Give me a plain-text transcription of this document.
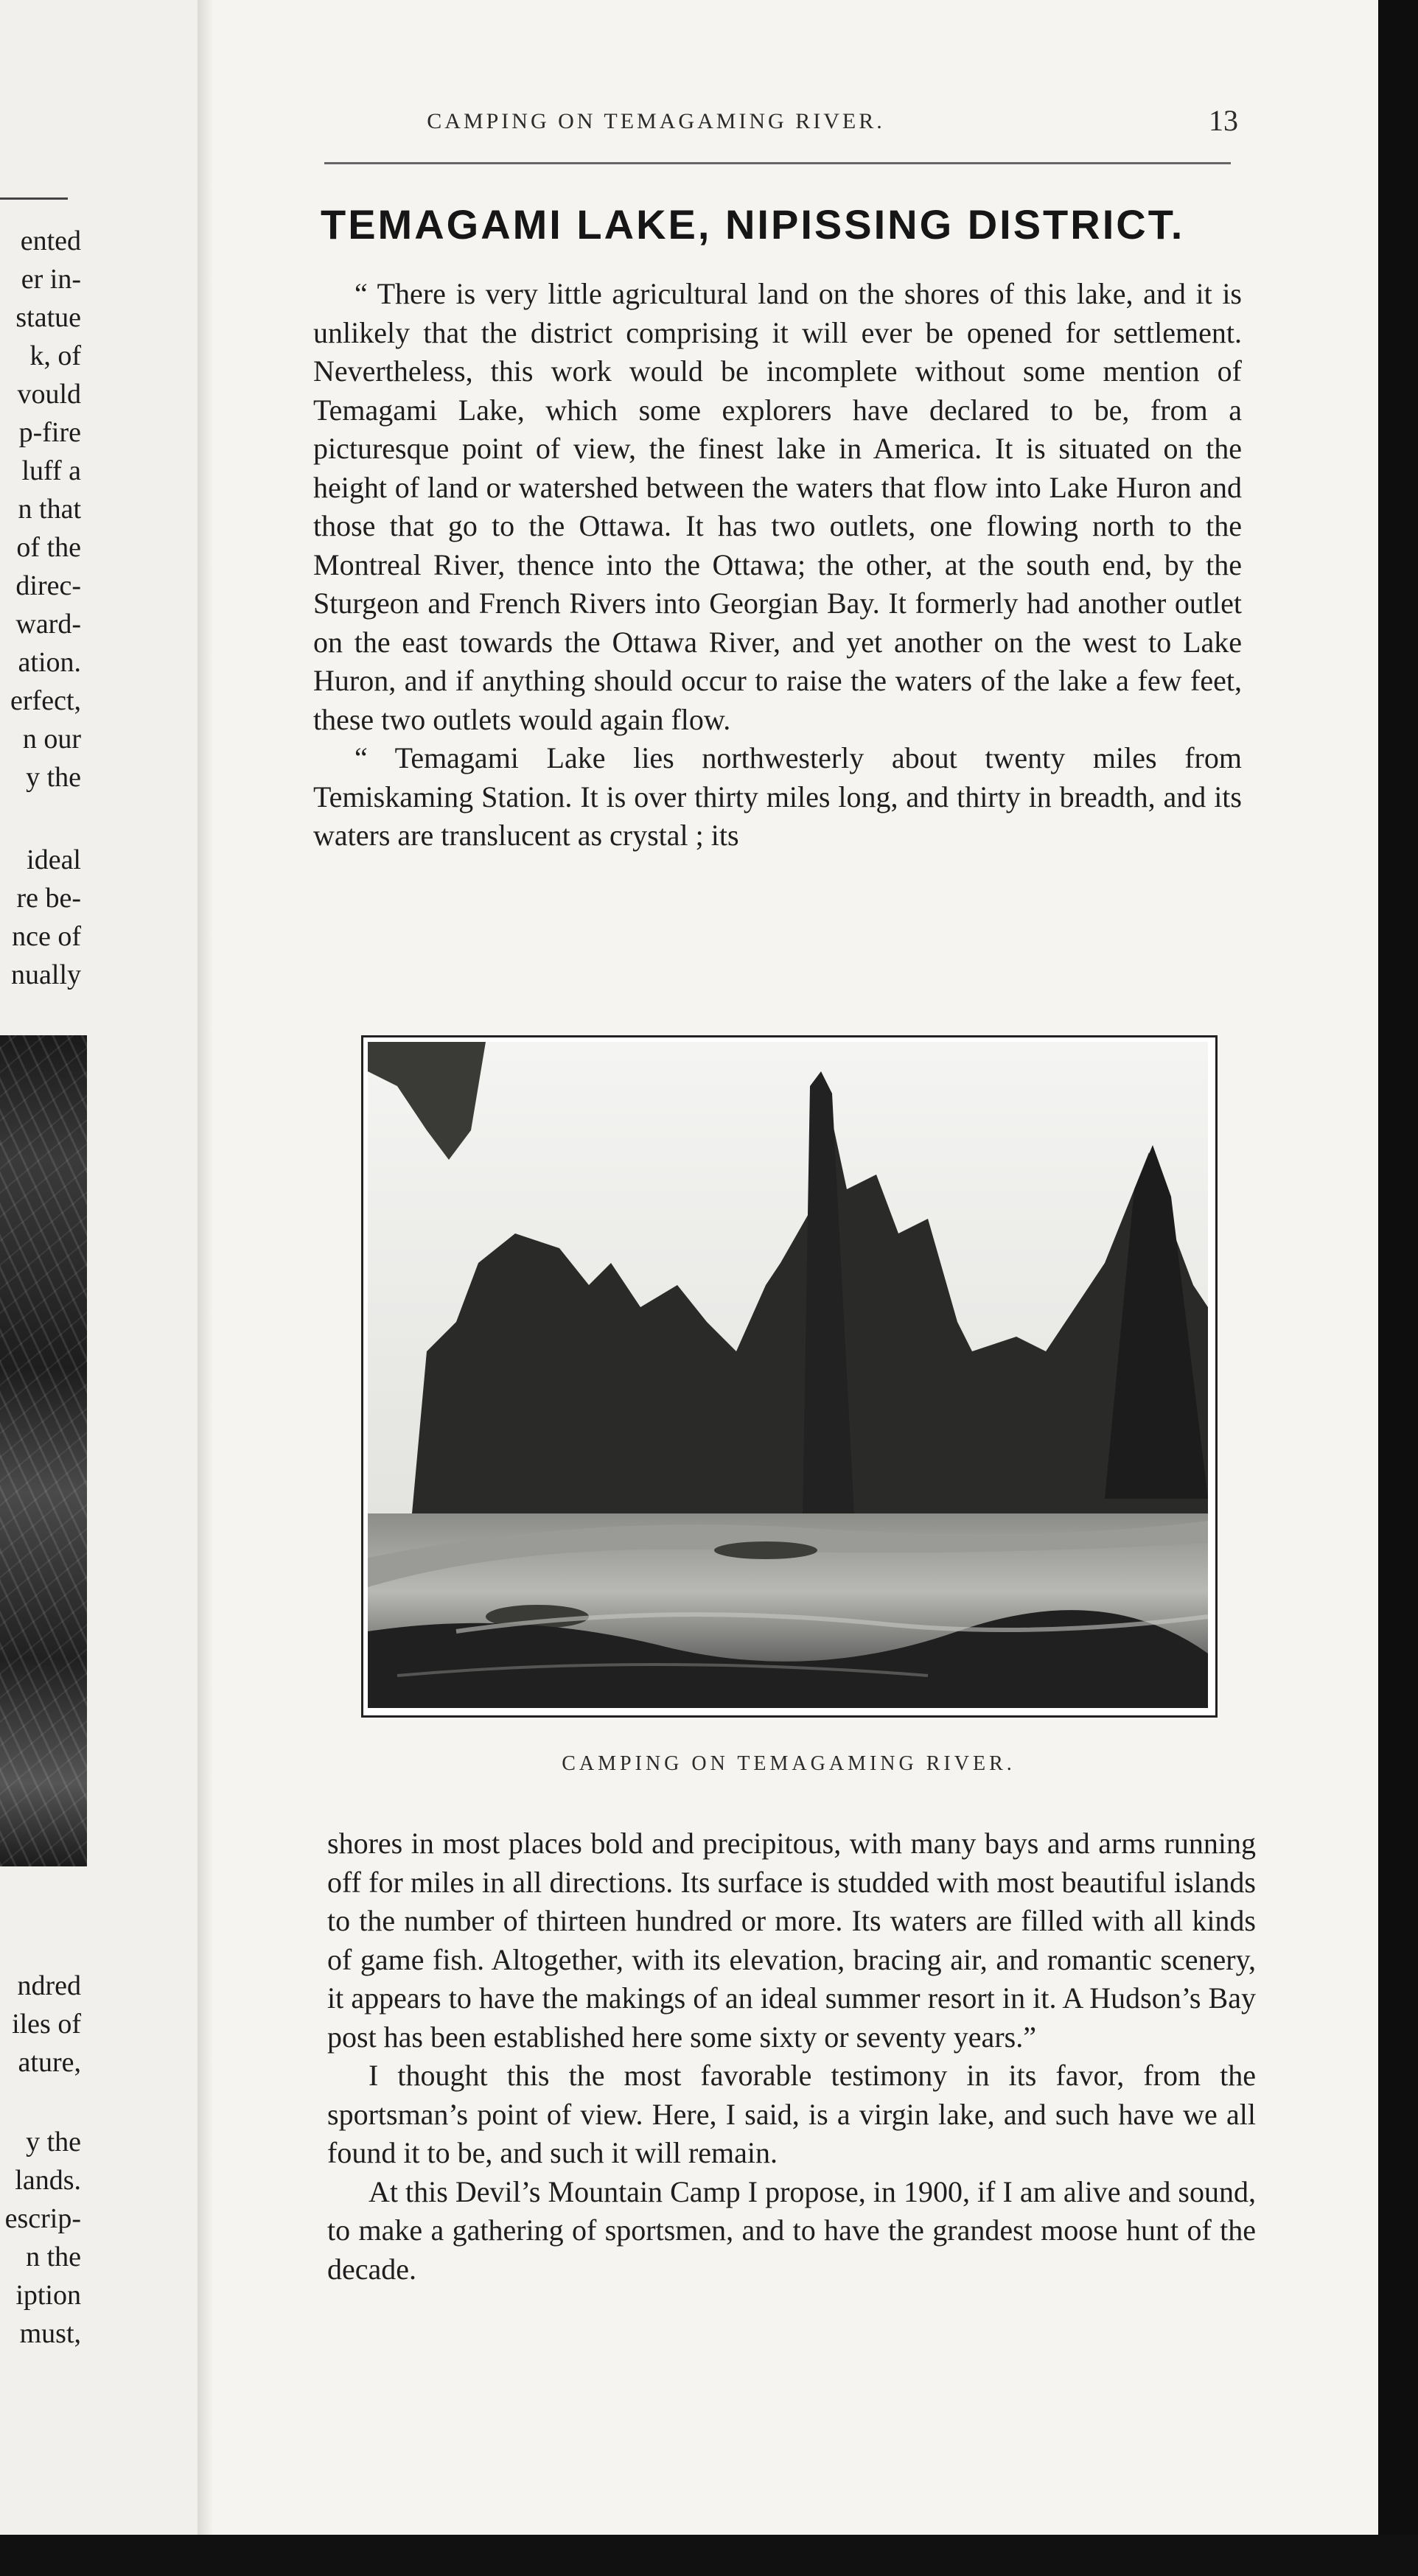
ented
er in-
statue
k, of
vould
p-fire
luff a
n that
of the
direc-
ward-
ation.
erfect,
n our
y the
ideal
re be-
nce of
nually
ndred
iles of
ature,
y the
lands.
escrip-
n the
iption
must,
CAMPING ON TEMAGAMING RIVER.	13
TEMAGAMI LAKE, NIPISSING DISTRICT.

“ There is very little agricultural land on the shores of this lake, and it is unlikely that the district comprising it will ever be opened for settlement. Nevertheless, this work would be incomplete without some mention of Temagami Lake, which some explorers have declared to be, from a picturesque point of view, the finest lake in America. It is situated on the height of land or watershed between the waters that flow into Lake Huron and those that go to the Ottawa. It has two outlets, one flowing north to the Montreal River, thence into the Ottawa; the other, at the south end, by the Sturgeon and French Rivers into Georgian Bay. It formerly had another outlet on the east towards the Ottawa River, and yet another on the west to Lake Huron, and if anything should occur to raise the waters of the lake a few feet, these two outlets would again flow.

“ Temagami Lake lies northwesterly about twenty miles from Temiskaming Station. It is over thirty miles long, and thirty in breadth, and its waters are translucent as crystal ; its

CAMPING ON TEMAGAMING RIVER.

shores in most places bold and precipitous, with many bays and arms running off for miles in all directions. Its surface is studded with most beautiful islands to the number of thirteen hundred or more. Its waters are filled with all kinds of game fish. Altogether, with its elevation, bracing air, and romantic scenery, it appears to have the makings of an ideal summer resort in it. A Hudson’s Bay post has been established here some sixty or seventy years.”

I thought this the most favorable testimony in its favor, from the sportsman’s point of view. Here, I said, is a virgin lake, and such have we all found it to be, and such it will remain.

At this Devil’s Mountain Camp I propose, in 1900, if I am alive and sound, to make a gathering of sportsmen, and to have the grandest moose hunt of the decade.
